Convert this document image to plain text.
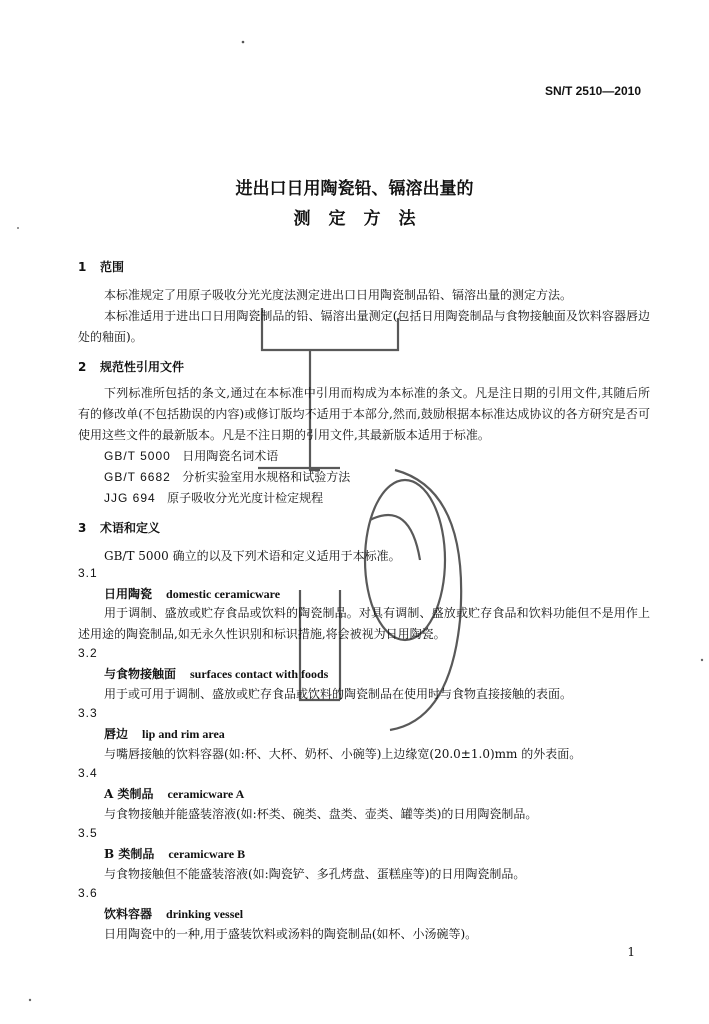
SN/T 2510—2010
进出口日用陶瓷铅、镉溶出量的
测定方法
1 范围
本标准规定了用原子吸收分光光度法测定进出口日用陶瓷制品铅、镉溶出量的测定方法。
本标准适用于进出口日用陶瓷制品的铅、镉溶出量测定(包括日用陶瓷制品与食物接触面及饮料容器唇边处的釉面)。
2 规范性引用文件
下列标准所包括的条文,通过在本标准中引用而构成为本标准的条文。凡是注日期的引用文件,其随后所有的修改单(不包括勘误的内容)或修订版均不适用于本部分,然而,鼓励根据本标准达成协议的各方研究是否可使用这些文件的最新版本。凡是不注日期的引用文件,其最新版本适用于标准。
GB/T 5000 日用陶瓷名词术语
GB/T 6682 分析实验室用水规格和试验方法
JJG 694 原子吸收分光光度计检定规程
3 术语和定义
GB/T 5000 确立的以及下列术语和定义适用于本标准。
3.1
日用陶瓷 domestic ceramicware
用于调制、盛放或贮存食品或饮料的陶瓷制品。对具有调制、盛放或贮存食品和饮料功能但不是用作上述用途的陶瓷制品,如无永久性识别和标识措施,将会被视为日用陶瓷。
3.2
与食物接触面 surfaces contact with foods
用于或可用于调制、盛放或贮存食品或饮料的陶瓷制品在使用时与食物直接接触的表面。
3.3
唇边 lip and rim area
与嘴唇接触的饮料容器(如:杯、大杯、奶杯、小碗等)上边缘宽(20.0±1.0)mm 的外表面。
3.4
A 类制品 ceramicware A
与食物接触并能盛装溶液(如:杯类、碗类、盘类、壶类、罐等类)的日用陶瓷制品。
3.5
B 类制品 ceramicware B
与食物接触但不能盛装溶液(如:陶瓷铲、多孔烤盘、蛋糕座等)的日用陶瓷制品。
3.6
饮料容器 drinking vessel
日用陶瓷中的一种,用于盛装饮料或汤料的陶瓷制品(如杯、小汤碗等)。
1
